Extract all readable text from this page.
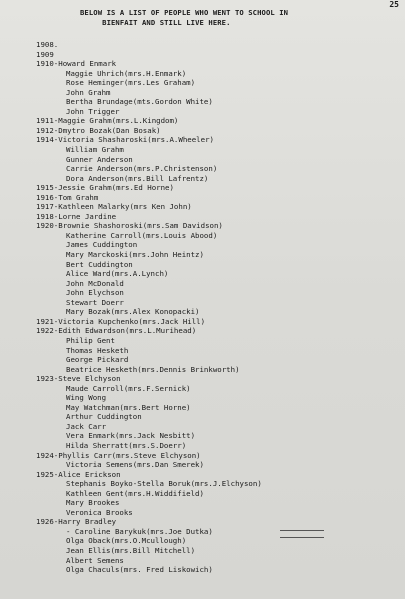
25
BELOW IS A LIST OF PEOPLE WHO WENT TO SCHOOL IN
BIENFAIT AND STILL LIVE HERE.
1908.
1909
1910-Howard Enmark
Maggie Uhrich(mrs.H.Enmark)
Rose Heminger(mrs.Les Graham)
John Grahm
Bertha Brundage(mts.Gordon White)
John Trigger
1911-Maggie Grahm(mrs.L.Kingdom)
1912-Dmytro Bozak(Dan Bosak)
1914-Victoria Shasharoski(mrs.A.Wheeler)
William Grahm
Gunner Anderson
Carrie Anderson(mrs.P.Christenson)
Dora Anderson(mrs.Bill Lafrentz)
1915-Jessie Grahm(mrs.Ed Horne)
1916-Tom Grahm
1917-Kathleen Malarky(mrs Ken John)
1918-Lorne Jardine
1920-Brownie Shashoroski(mrs.Sam Davidson)
Katherine Carroll(mrs.Louis Abood)
James Cuddington
Mary Marckoski(mrs.John Heintz)
Bert Cuddington
Alice Ward(mrs.A.Lynch)
John McDonald
John Elychson
Stewart Doerr
Mary Bozak(mrs.Alex Konopacki)
1921-Victoria Kupchenko(mrs.Jack Hill)
1922-Edith Edwardson(mrs.L.Murihead)
Philip Gent
Thomas Hesketh
George Pickard
Beatrice Hesketh(mrs.Dennis Brinkworth)
1923-Steve Elchyson
Maude Carroll(mrs.F.Sernick)
Wing Wong
May Watchman(mrs.Bert Horne)
Arthur Cuddington
Jack Carr
Vera Enmark(mrs.Jack Nesbitt)
Hilda Sherratt(mrs.S.Doerr)
1924-Phyllis Carr(mrs.Steve Elchyson)
Victoria Semens(mrs.Dan Smerek)
1925-Alice Erickson
Stephanis Boyko-Stella Boruk(mrs.J.Elchyson)
Kathleen Gent(mrs.H.Widdifield)
Mary Brookes
Veronica Brooks
1926-Harry Bradley
- Caroline Barykuk(mrs.Joe Dutka)
Olga Oback(mrs.O.Mcullough)
Jean Ellis(mrs.Bill Mitchell)
Albert Semens
Olga Chaculs(mrs. Fred Liskowich)
